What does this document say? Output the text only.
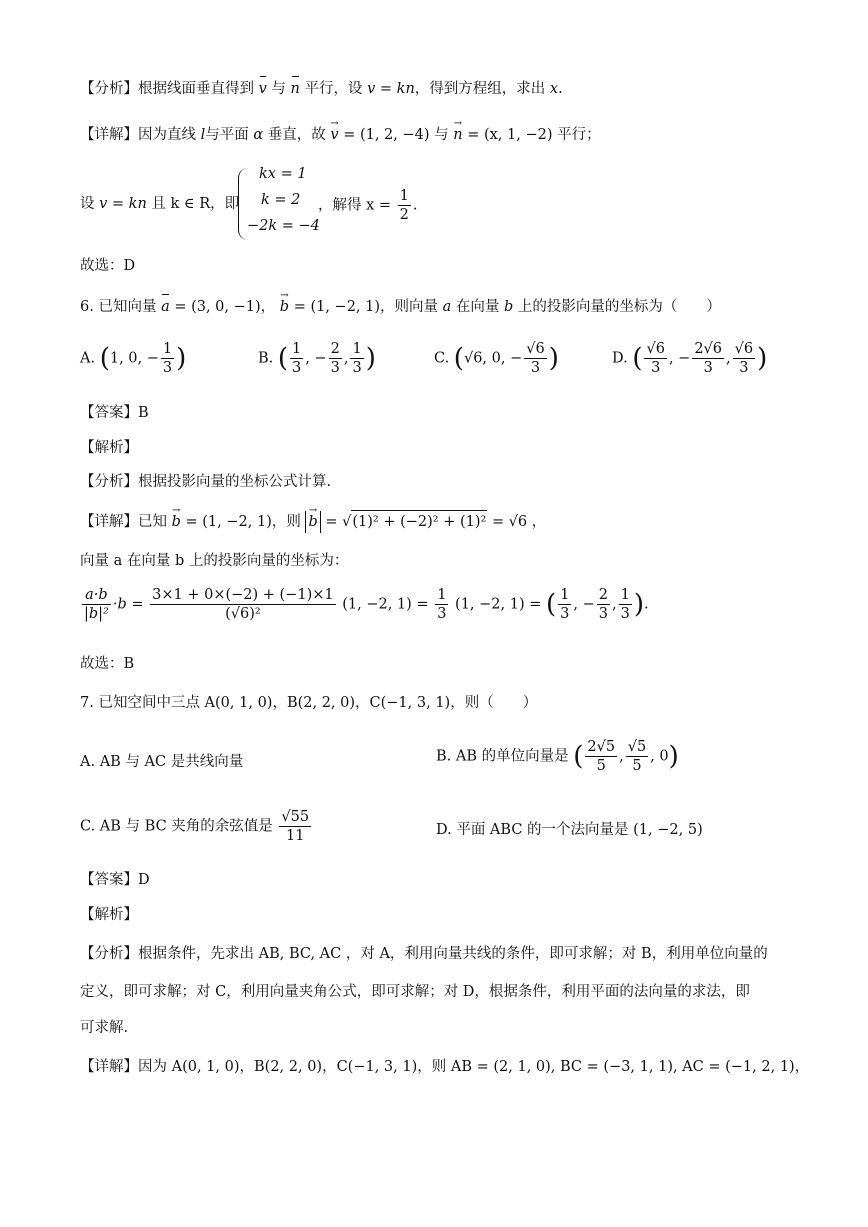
【分析】根据线面垂直得到 v 与 n 平行，设 v = kn，得到方程组，求出 x.
【详解】因为直线 l与平面 α 垂直，故 → v = (1, 2, −4) 与 → n = (x, 1, −2) 平行；
设 v = kn 且 k ∈ R，即
kx = 1
k = 2
−2k = −4
，解得 $x = \frac{1}{2}$ .
故选：D
6. 已知向量 a = (3, 0, −1)， → b = (1, −2, 1)，则向量 a 在向量 b 上的投影向量的坐标为（　　）
A. (1, 0, − $\frac{1}{3}$ )	B. ( $\frac{1}{3}$ , − $\frac{2}{3}$ , $\frac{1}{3}$ )	C. (√6, 0, − $\frac{√6}{3}$ )	D. ( $\frac{√6}{3}$ , − $\frac{2√6}{3}$ , $\frac{√6}{3}$ )
【答案】B
【解析】
【分析】根据投影向量的坐标公式计算.
【详解】已知 → b = (1, −2, 1)，则 → b = √(1)² + (−2)² + (1)² = √6 ，
向量 a 在向量 b 上的投影向量的坐标为：
$\frac{a\cdot b}{\text{|b|²}} \cdot b = \frac{3\times 1 + 0\times(-2) + (-1)\times 1}{\text{(√6)²}} (1$, −2, $1) = \frac{1}{3} (1$, −2, 1) = ( $\frac{1}{3}$ , − $\frac{2}{3}$ , $\frac{1}{3}$ ).
故选：B
7. 已知空间中三点 A(0, 1, 0)，B(2, 2, 0)，C(−1, 3, 1)，则（　　）
A. AB 与 AC 是共线向量	B. AB 的单位向量是 ( $\frac{2√5}{5}$ , $\frac{√5}{5}$ , 0)
C. AB 与 BC 夹角的余弦值是 $\frac{√55}{11}$	D. 平面 ABC 的一个法向量是 (1, −2, 5)
【答案】D
【解析】
【分析】根据条件，先求出 AB, BC, AC ，对 A，利用向量共线的条件，即可求解；对 B，利用单位向量的
定义，即可求解；对 C，利用向量夹角公式，即可求解；对 D，根据条件，利用平面的法向量的求法，即
可求解.
【详解】因为 A(0, 1, 0)，B(2, 2, 0)，C(−1, 3, 1)，则 AB = (2, 1, 0), BC = (−3, 1, 1), AC = (−1, 2, 1)，
